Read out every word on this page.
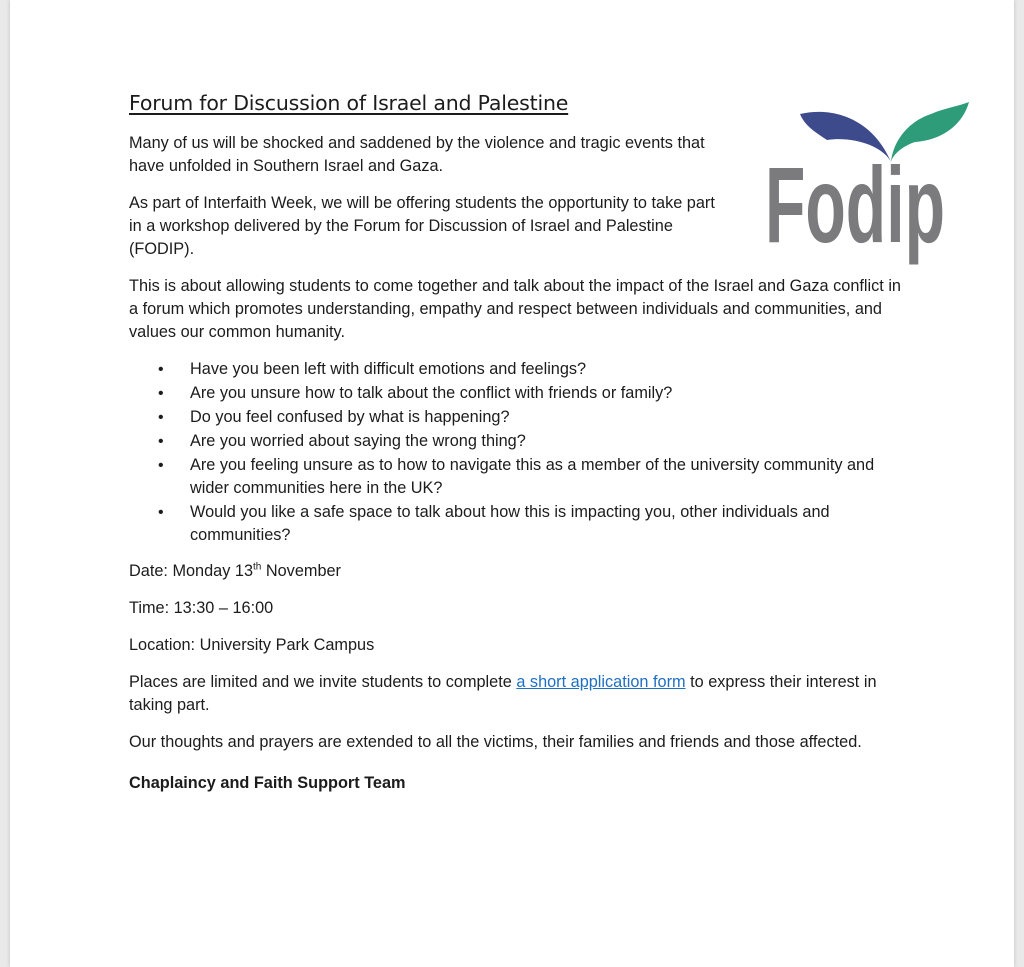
Forum for Discussion of Israel and Palestine

Many of us will be shocked and saddened by the violence and tragic events that have unfolded in Southern Israel and Gaza.

As part of Interfaith Week, we will be offering students the opportunity to take part in a workshop delivered by the Forum for Discussion of Israel and Palestine (FODIP).

This is about allowing students to come together and talk about the impact of the Israel and Gaza conflict in a forum which promotes understanding, empathy and respect between individuals and communities, and values our common humanity.

• Have you been left with difficult emotions and feelings?
• Are you unsure how to talk about the conflict with friends or family?
• Do you feel confused by what is happening?
• Are you worried about saying the wrong thing?
• Are you feeling unsure as to how to navigate this as a member of the university community and wider communities here in the UK?
• Would you like a safe space to talk about how this is impacting you, other individuals and communities?

Date: Monday 13th November

Time: 13:30 – 16:00

Location: University Park Campus

Places are limited and we invite students to complete a short application form to express their interest in taking part.

Our thoughts and prayers are extended to all the victims, their families and friends and those affected.

Chaplaincy and Faith Support Team

Fodip
